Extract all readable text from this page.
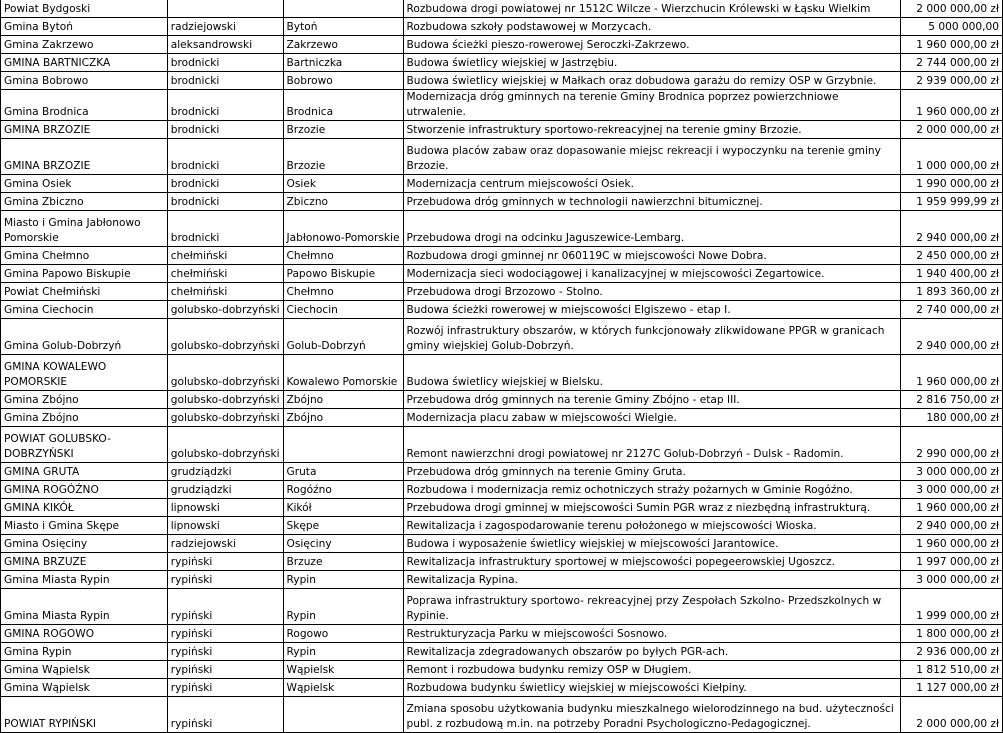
Powiat Bydgoski			Rozbudowa drogi powiatowej nr 1512C Wilcze - Wierzchucin Królewski w Łąsku Wielkim	2 000 000,00 zł
Gmina Bytoń	radziejowski	Bytoń	Rozbudowa szkoły podstawowej w Morzycach.	5 000 000,00
Gmina Zakrzewo	aleksandrowski	Zakrzewo	Budowa ścieżki pieszo-rowerowej Seroczki-Zakrzewo.	1 960 000,00 zł
GMINA BARTNICZKA	brodnicki	Bartniczka	Budowa świetlicy wiejskiej w Jastrzębiu.	2 744 000,00 zł
Gmina Bobrowo	brodnicki	Bobrowo	Budowa świetlicy wiejskiej w Małkach oraz dobudowa garażu do remizy OSP w Grzybnie.	2 939 000,00 zł
Gmina Brodnica	brodnicki	Brodnica	Modernizacja dróg gminnych na terenie Gminy Brodnica poprzez powierzchniowe utrwalenie.	1 960 000,00 zł
GMINA BRZOZIE	brodnicki	Brzozie	Stworzenie infrastruktury sportowo-rekreacyjnej na terenie gminy Brzozie.	2 000 000,00 zł
GMINA BRZOZIE	brodnicki	Brzozie	Budowa placów zabaw oraz dopasowanie miejsc rekreacji i wypoczynku na terenie gminy Brzozie.	1 000 000,00 zł
Gmina Osiek	brodnicki	Osiek	Modernizacja centrum miejscowości Osiek.	1 990 000,00 zł
Gmina Zbiczno	brodnicki	Zbiczno	Przebudowa dróg gminnych w technologii nawierzchni bitumicznej.	1 959 999,99 zł
Miasto i Gmina Jabłonowo Pomorskie	brodnicki	Jabłonowo-Pomorskie	Przebudowa drogi na odcinku Jaguszewice-Lembarg.	2 940 000,00 zł
Gmina Chełmno	chełmiński	Chełmno	Rozbudowa drogi gminnej nr 060119C w miejscowości Nowe Dobra.	2 450 000,00 zł
Gmina Papowo Biskupie	chełmiński	Papowo Biskupie	Modernizacja sieci wodociągowej i kanalizacyjnej w miejscowości Zegartowice.	1 940 400,00 zł
Powiat Chełmiński	chełmiński	Chełmno	Przebudowa drogi Brzozowo - Stolno.	1 893 360,00 zł
Gmina Ciechocin	golubsko-dobrzyński	Ciechocin	Budowa ścieżki rowerowej w miejscowości Elgiszewo - etap I.	2 740 000,00 zł
Gmina Golub-Dobrzyń	golubsko-dobrzyński	Golub-Dobrzyń	Rozwój infrastruktury obszarów, w których funkcjonowały zlikwidowane PPGR w granicach gminy wiejskiej Golub-Dobrzyń.	2 940 000,00 zł
GMINA KOWALEWO POMORSKIE	golubsko-dobrzyński	Kowalewo Pomorskie	Budowa świetlicy wiejskiej w Bielsku.	1 960 000,00 zł
Gmina Zbójno	golubsko-dobrzyński	Zbójno	Przebudowa dróg gminnych na terenie Gminy Zbójno - etap III.	2 816 750,00 zł
Gmina Zbójno	golubsko-dobrzyński	Zbójno	Modernizacja placu zabaw w miejscowości Wielgie.	180 000,00 zł
POWIAT GOLUBSKO-DOBRZYŃSKI	golubsko-dobrzyński		Remont nawierzchni drogi powiatowej nr 2127C Golub-Dobrzyń - Dulsk - Radomin.	2 990 000,00 zł
GMINA GRUTA	grudziądzki	Gruta	Przebudowa dróg gminnych na terenie Gminy Gruta.	3 000 000,00 zł
GMINA ROGÓŹNO	grudziądzki	Rogóźno	Rozbudowa i modernizacja remiz ochotniczych straży pożarnych w Gminie Rogóźno.	3 000 000,00 zł
GMINA KIKÓŁ	lipnowski	Kikół	Przebudowa drogi gminnej w miejscowości Sumin PGR wraz z niezbędną infrastrukturą.	1 960 000,00 zł
Miasto i Gmina Skępe	lipnowski	Skępe	Rewitalizacja i zagospodarowanie terenu położonego w miejscowości Wioska.	2 940 000,00 zł
Gmina Osięciny	radziejowski	Osięciny	Budowa i wyposażenie świetlicy wiejskiej w miejscowości Jarantowice.	1 960 000,00 zł
GMINA BRZUZE	rypiński	Brzuze	Rewitalizacja infrastruktury sportowej w miejscowości popegeerowskiej Ugoszcz.	1 997 000,00 zł
Gmina Miasta Rypin	rypiński	Rypin	Rewitalizacja Rypina.	3 000 000,00 zł
Gmina Miasta Rypin	rypiński	Rypin	Poprawa infrastruktury sportowo- rekreacyjnej przy Zespołach Szkolno- Przedszkolnych w Rypinie.	1 999 000,00 zł
GMINA ROGOWO	rypiński	Rogowo	Restrukturyzacja Parku w miejscowości Sosnowo.	1 800 000,00 zł
Gmina Rypin	rypiński	Rypin	Rewitalizacja zdegradowanych obszarów po byłych PGR-ach.	2 936 000,00 zł
Gmina Wąpielsk	rypiński	Wąpielsk	Remont i rozbudowa budynku remizy OSP w Długiem.	1 812 510,00 zł
Gmina Wąpielsk	rypiński	Wąpielsk	Rozbudowa budynku świetlicy wiejskiej w miejscowości Kiełpiny.	1 127 000,00 zł
POWIAT RYPIŃSKI	rypiński		Zmiana sposobu użytkowania budynku mieszkalnego wielorodzinnego na bud. użyteczności publ. z rozbudową m.in. na potrzeby Poradni Psychologiczno-Pedagogicznej.	2 000 000,00 zł
